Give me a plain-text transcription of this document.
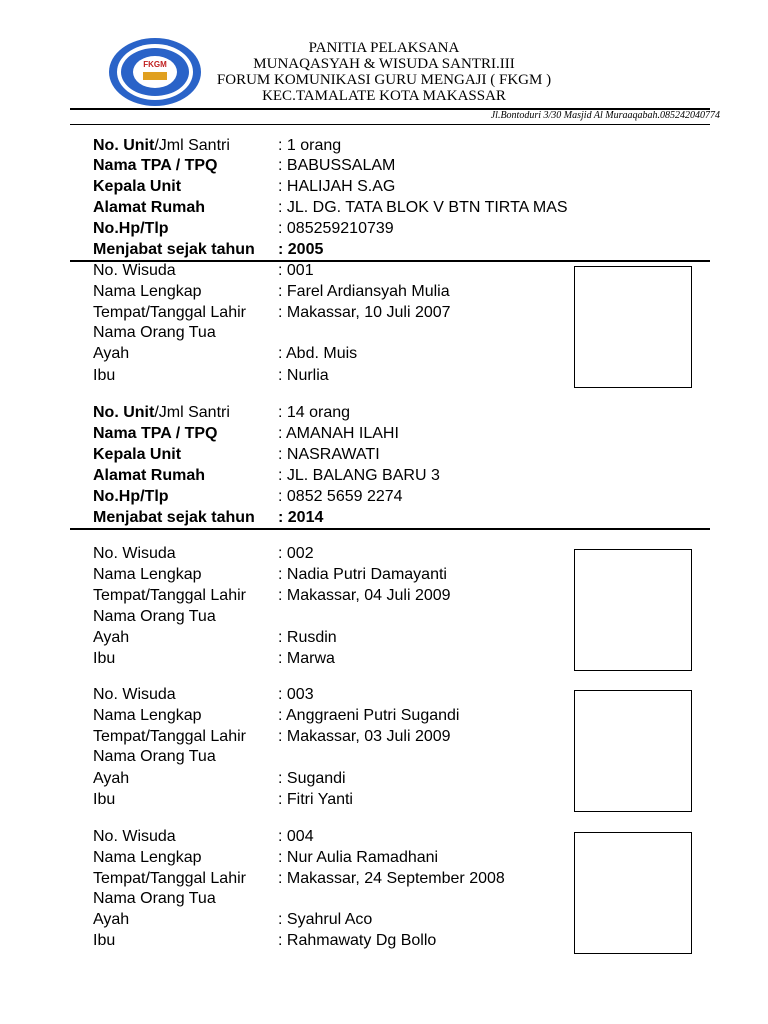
FKGM
PANITIA PELAKSANA
MUNAQASYAH & WISUDA SANTRI.III
FORUM KOMUNIKASI GURU MENGAJI ( FKGM )
KEC.TAMALATE KOTA MAKASSAR
Jl.Bontoduri 3/30 Masjid Al Muraaqabah.085242040774
No. Unit/Jml Santri	: 1 orang
Nama TPA / TPQ	: BABUSSALAM
Kepala Unit	: HALIJAH S.AG
Alamat Rumah	: JL. DG. TATA BLOK V BTN TIRTA MAS
No.Hp/Tlp	: 085259210739
Menjabat sejak tahun : 2005
No. Wisuda	: 001
Nama Lengkap	: Farel Ardiansyah Mulia
Tempat/Tanggal Lahir : Makassar, 10 Juli 2007
Nama Orang Tua
Ayah	: Abd. Muis
Ibu	: Nurlia
No. Unit/Jml Santri	: 14 orang
Nama TPA / TPQ	: AMANAH ILAHI
Kepala Unit	: NASRAWATI
Alamat Rumah	: JL. BALANG BARU 3
No.Hp/Tlp	: 0852 5659 2274
Menjabat sejak tahun : 2014
No. Wisuda	: 002
Nama Lengkap	: Nadia Putri Damayanti
Tempat/Tanggal Lahir : Makassar, 04 Juli 2009
Nama Orang Tua
Ayah	: Rusdin
Ibu	: Marwa
No. Wisuda	: 003
Nama Lengkap	: Anggraeni Putri Sugandi
Tempat/Tanggal Lahir : Makassar, 03 Juli 2009
Nama Orang Tua
Ayah	: Sugandi
Ibu	: Fitri Yanti
No. Wisuda	: 004
Nama Lengkap	: Nur Aulia Ramadhani
Tempat/Tanggal Lahir : Makassar, 24 September 2008
Nama Orang Tua
Ayah	: Syahrul Aco
Ibu	: Rahmawaty Dg Bollo
